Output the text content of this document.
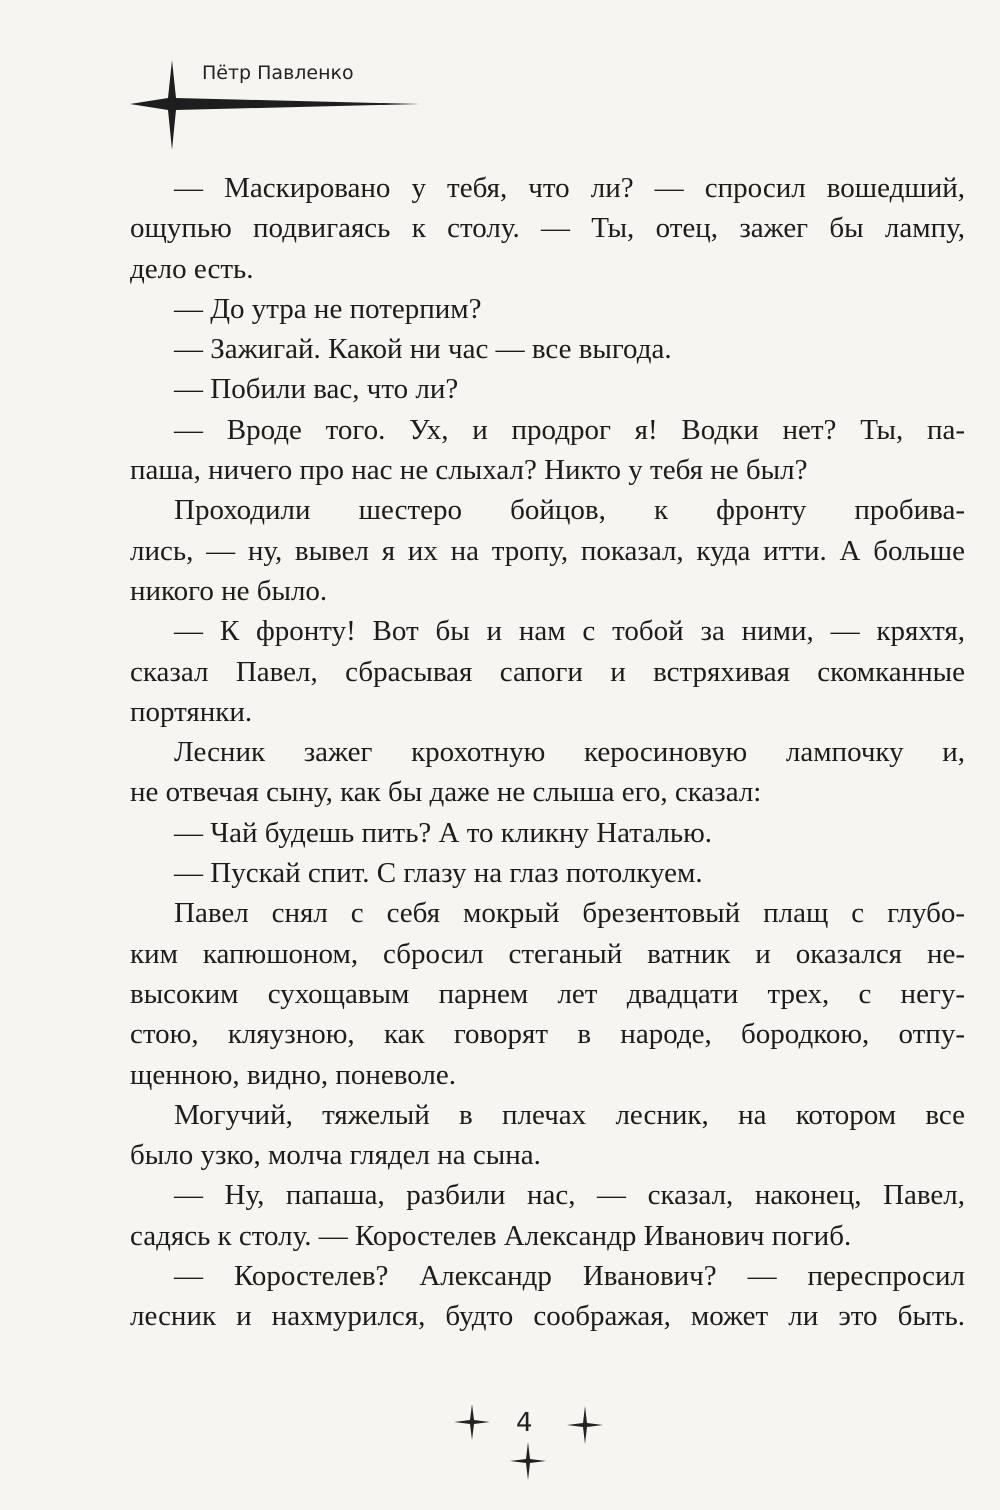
Пётр Павленко
— Маскировано у тебя, что ли? — спросил вошедший,
ощупью подвигаясь к столу. — Ты, отец, зажег бы лампу,
дело есть.
— До утра не потерпим?
— Зажигай. Какой ни час — все выгода.
— Побили вас, что ли?
— Вроде того. Ух, и продрог я! Водки нет? Ты, па-
паша, ничего про нас не слыхал? Никто у тебя не был?
Проходили шестеро бойцов, к фронту пробива-
лись, — ну, вывел я их на тропу, показал, куда итти. А больше
никого не было.
— К фронту! Вот бы и нам с тобой за ними, — кряхтя,
сказал Павел, сбрасывая сапоги и встряхивая скомканные
портянки.
Лесник зажег крохотную керосиновую лампочку и,
не отвечая сыну, как бы даже не слыша его, сказал:
— Чай будешь пить? А то кликну Наталью.
— Пускай спит. С глазу на глаз потолкуем.
Павел снял с себя мокрый брезентовый плащ с глубо-
ким капюшоном, сбросил стеганый ватник и оказался не-
высоким сухощавым парнем лет двадцати трех, с негу-
стою, кляузною, как говорят в народе, бородкою, отпу-
щенною, видно, поневоле.
Могучий, тяжелый в плечах лесник, на котором все
было узко, молча глядел на сына.
— Ну, папаша, разбили нас, — сказал, наконец, Павел,
садясь к столу. — Коростелев Александр Иванович погиб.
— Коростелев? Александр Иванович? — переспросил
лесник и нахмурился, будто соображая, может ли это быть.
4
